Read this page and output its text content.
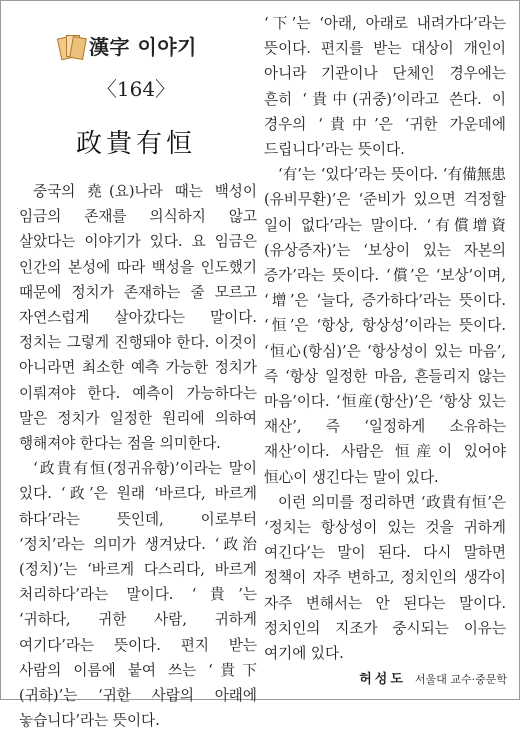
漢字 이야기
〈164〉
政貴有恒

중국의 堯(요)나라 때는 백성이 임금의 존재를 의식하지 않고 살았다는 이야기가 있다. 요 임금은 인간의 본성에 따라 백성을 인도했기 때문에 정치가 존재하는 줄 모르고 자연스럽게 살아갔다는 말이다. 정치는 그렇게 진행돼야 한다. 이것이 아니라면 최소한 예측 가능한 정치가 이뤄져야 한다. 예측이 가능하다는 말은 정치가 일정한 원리에 의하여 행해져야 한다는 점을 의미한다.

‘政貴有恒(정귀유항)’이라는 말이 있다. ‘政’은 원래 ‘바르다, 바르게 하다’라는 뜻인데, 이로부터 ‘정치’라는 의미가 생겨났다. ‘政治(정치)’는 ‘바르게 다스리다, 바르게 처리하다’라는 말이다. ‘貴’는 ‘귀하다, 귀한 사람, 귀하게 여기다’라는 뜻이다. 편지 받는 사람의 이름에 붙여 쓰는 ‘貴下(귀하)’는 ‘귀한 사람의 아래에 놓습니다’라는 뜻이다.

‘下’는 ‘아래, 아래로 내려가다’라는 뜻이다. 편지를 받는 대상이 개인이 아니라 기관이나 단체인 경우에는 흔히 ‘貴中(귀중)’이라고 쓴다. 이 경우의 ‘貴中’은 ‘귀한 가운데에 드립니다’라는 뜻이다.

‘有’는 ‘있다’라는 뜻이다. ‘有備無患(유비무환)’은 ‘준비가 있으면 걱정할 일이 없다’라는 말이다. ‘有償增資(유상증자)’는 ‘보상이 있는 자본의 증가’라는 뜻이다. ‘償’은 ‘보상’이며, ‘增’은 ‘늘다, 증가하다’라는 뜻이다. ‘恒’은 ‘항상, 항상성’이라는 뜻이다. ‘恒心(항심)’은 ‘항상성이 있는 마음’, 즉 ‘항상 일정한 마음, 흔들리지 않는 마음’이다. ‘恒産(항산)’은 ‘항상 있는 재산’, 즉 ‘일정하게 소유하는 재산’이다. 사람은 恒産이 있어야 恒心이 생긴다는 말이 있다.

이런 의미를 정리하면 ‘政貴有恒’은 ‘정치는 항상성이 있는 것을 귀하게 여긴다’는 말이 된다. 다시 말하면 정책이 자주 변하고, 정치인의 생각이 자주 변해서는 안 된다는 말이다. 정치인의 지조가 중시되는 이유는 여기에 있다.

허성도 서울대 교수·중문학
